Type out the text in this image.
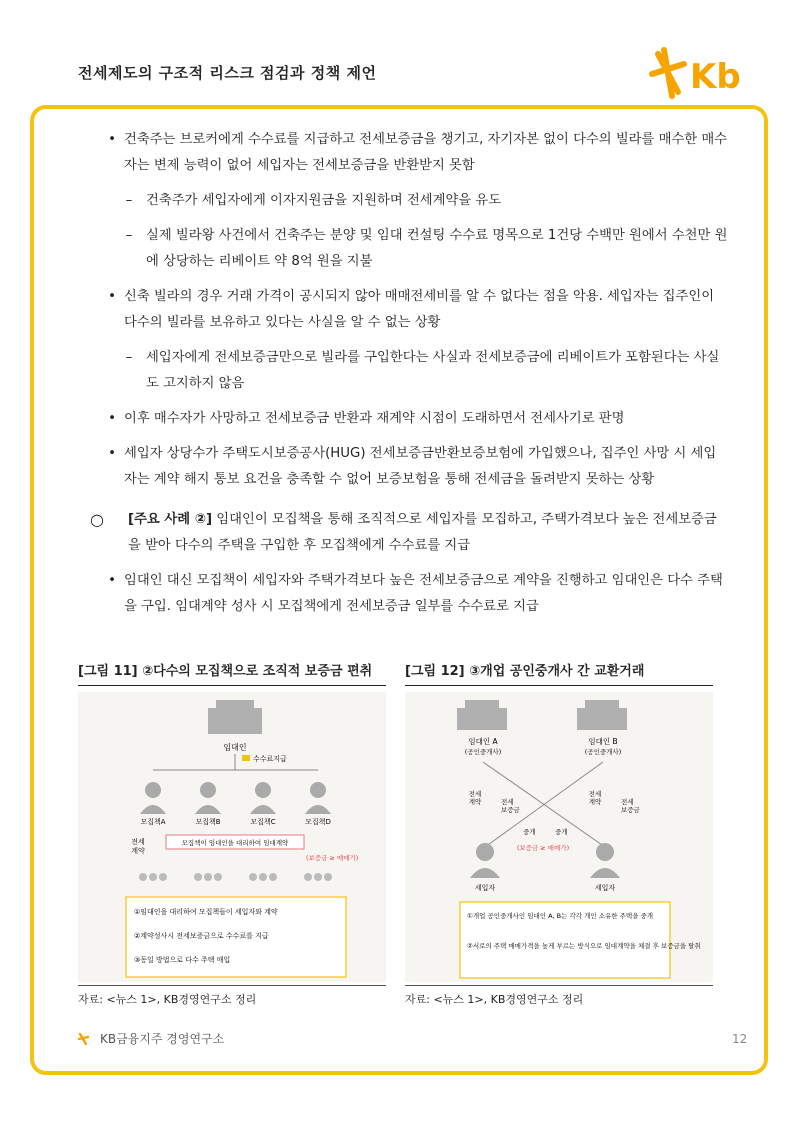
전세제도의 구조적 리스크 점검과 정책 제언	Kb
• 건축주는 브로커에게 수수료를 지급하고 전세보증금을 챙기고, 자기자본 없이 다수의 빌라를 매수한 매수자는 변제 능력이 없어 세입자는 전세보증금을 반환받지 못함
–	건축주가 세입자에게 이자지원금을 지원하며 전세계약을 유도
–	실제 빌라왕 사건에서 건축주는 분양 및 임대 컨설팅 수수료 명목으로 1건당 수백만 원에서 수천만 원에 상당하는 리베이트 약 8억 원을 지불
• 신축 빌라의 경우 거래 가격이 공시되지 않아 매매전세비를 알 수 없다는 점을 악용. 세입자는 집주인이 다수의 빌라를 보유하고 있다는 사실을 알 수 없는 상황
–	세입자에게 전세보증금만으로 빌라를 구입한다는 사실과 전세보증금에 리베이트가 포함된다는 사실도 고지하지 않음
• 이후 매수자가 사망하고 전세보증금 반환과 재계약 시점이 도래하면서 전세사기로 판명
• 세입자 상당수가 주택도시보증공사(HUG) 전세보증금반환보증보험에 가입했으나, 집주인 사망 시 세입자는 계약 해지 통보 요건을 충족할 수 없어 보증보험을 통해 전세금을 돌려받지 못하는 상황
○	[주요 사례 ②] 임대인이 모집책을 통해 조직적으로 세입자를 모집하고, 주택가격보다 높은 전세보증금을 받아 다수의 주택을 구입한 후 모집책에게 수수료를 지급
• 임대인 대신 모집책이 세입자와 주택가격보다 높은 전세보증금으로 계약을 진행하고 임대인은 다수 주택을 구입. 임대계약 성사 시 모집책에게 전세보증금 일부를 수수료로 지급
[그림 11] ②다수의 모집책으로 조직적 보증금 편취
임대인
수수료지급
모집책A	모집책B	모집책C	모집책D
전세 계약
모집책이 임대인을 대리하여 임대계약
(보증금 ≥ 매매가)
①임대인을 대리하여 모집책들이 세입자와 계약
②계약성사시 전세보증금으로 수수료를 지급
③동일 방법으로 다수 주택 매입
자료: <뉴스 1>, KB경영연구소 정리
[그림 12] ③개업 공인중개사 간 교환거래
임대인 A
(공인중개사)
임대인 B
(공인중개사)
전세 계약	전세 보증금
전세 계약	전세 보증금
중개	중개
(보증금 ≥ 매매가)
세입자	세입자
①개업 공인중개사인 임대인 A, B는 각각 개인 소유한 주택을 중개
②서로의 주택 매매가격을 높게 부르는 방식으로 임대계약을 체결 후 보증금을 탈취
자료: <뉴스 1>, KB경영연구소 정리
KB금융지주 경영연구소	12
